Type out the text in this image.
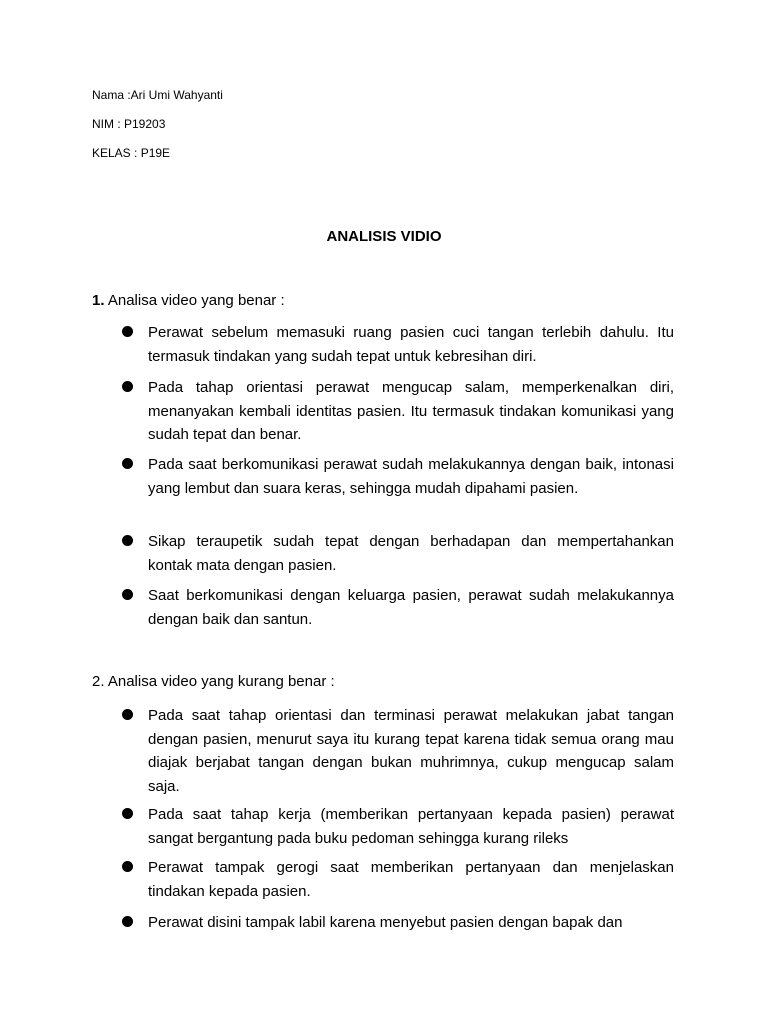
Nama :Ari Umi Wahyanti
NIM : P19203
KELAS : P19E
ANALISIS VIDIO
1. Analisa video yang benar :
Perawat sebelum memasuki ruang pasien cuci tangan terlebih dahulu. Itu termasuk tindakan yang sudah tepat untuk kebresihan diri.
Pada tahap orientasi perawat mengucap salam, memperkenalkan diri, menanyakan kembali identitas pasien. Itu termasuk tindakan komunikasi yang sudah tepat dan benar.
Pada saat berkomunikasi perawat sudah melakukannya dengan baik, intonasi yang lembut dan suara keras, sehingga mudah dipahami pasien.
Sikap teraupetik sudah tepat dengan berhadapan dan mempertahankan kontak mata dengan pasien.
Saat berkomunikasi dengan keluarga pasien, perawat sudah melakukannya dengan baik dan santun.
2. Analisa video yang kurang benar :
Pada saat tahap orientasi dan terminasi perawat melakukan jabat tangan dengan pasien, menurut saya itu kurang tepat karena tidak semua orang mau diajak berjabat tangan dengan bukan muhrimnya, cukup mengucap salam saja.
Pada saat tahap kerja (memberikan pertanyaan kepada pasien) perawat sangat bergantung pada buku pedoman sehingga kurang rileks
Perawat tampak gerogi saat memberikan pertanyaan dan menjelaskan tindakan kepada pasien.
Perawat disini tampak labil karena menyebut pasien dengan bapak dan
